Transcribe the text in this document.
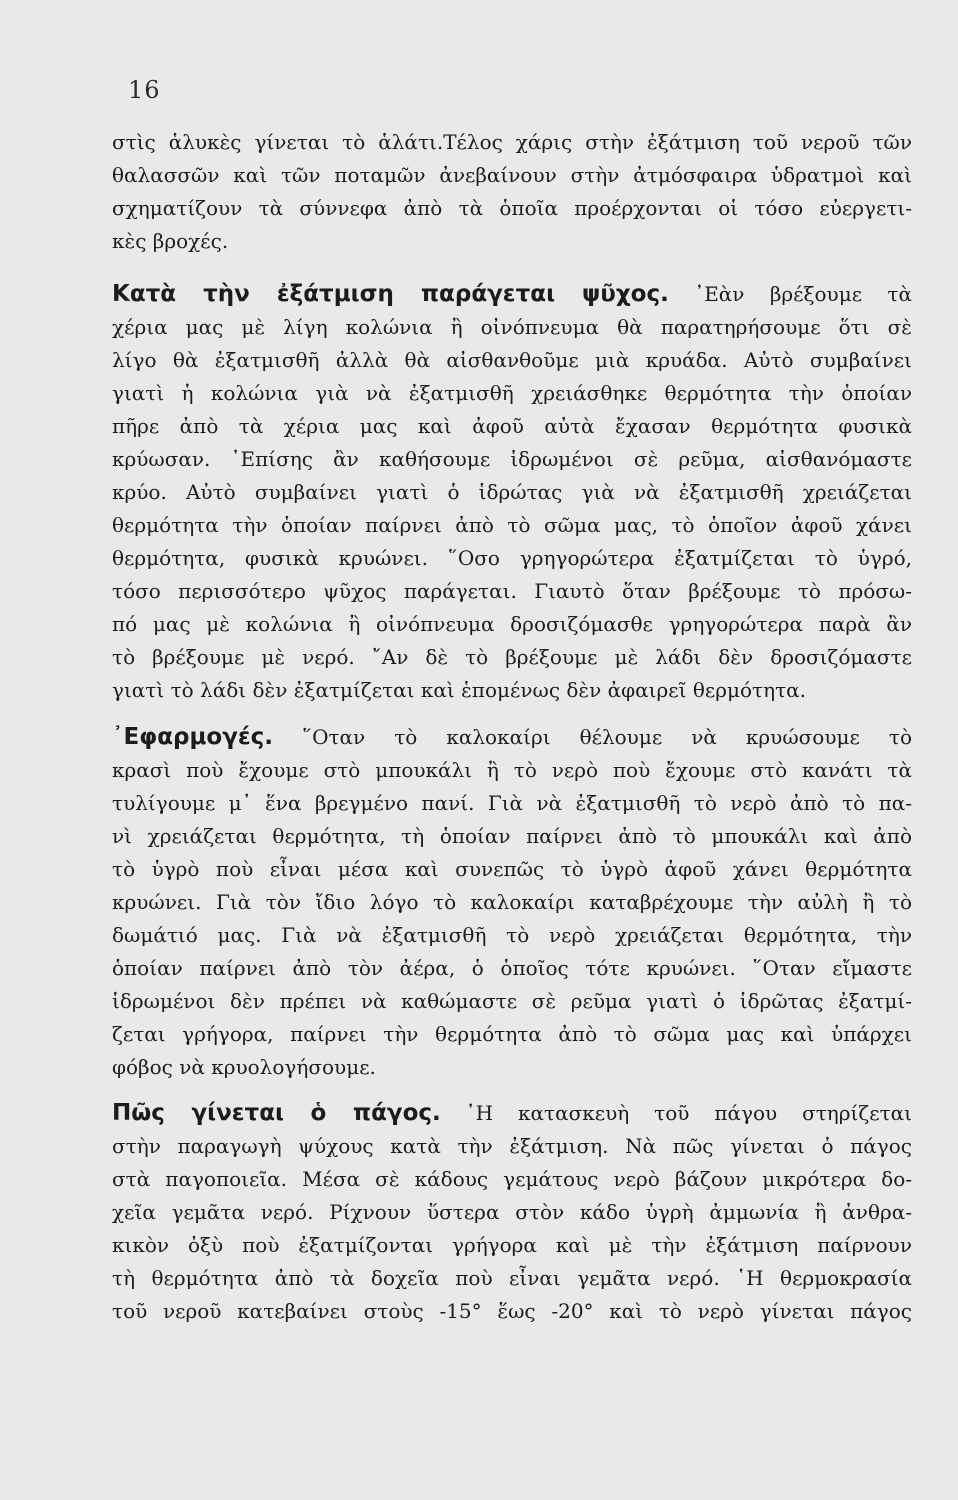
16
στὶς ἁλυκὲς γίνεται τὸ ἁλάτι.Τέλος χάρις στὴν ἐξάτμιση τοῦ νεροῦ τῶν
θαλασσῶν καὶ τῶν ποταμῶν ἀνεβαίνουν στὴν ἀτμόσφαιρα ὑδρατμοὶ καὶ
σχηματίζουν τὰ σύννεφα ἀπὸ τὰ ὁποῖα προέρχονται οἱ τόσο εὐεργετι-
κὲς βροχές.
Κατὰ τὴν ἐξάτμιση παράγεται ψῦχος. ᾿Εὰν βρέξουμε τὰ
χέρια μας μὲ λίγη κολώνια ἢ οἰνόπνευμα θὰ παρατηρήσουμε ὅτι σὲ
λίγο θὰ ἐξατμισθῆ ἀλλὰ θὰ αἰσθανθοῦμε μιὰ κρυάδα. Αὐτὸ συμβαίνει
γιατὶ ἡ κολώνια γιὰ νὰ ἐξατμισθῆ χρειάσθηκε θερμότητα τὴν ὁποίαν
πῆρε ἀπὸ τὰ χέρια μας καὶ ἀφοῦ αὐτὰ ἔχασαν θερμότητα φυσικὰ
κρύωσαν. ᾿Επίσης ἂν καθήσουμε ἱδρωμένοι σὲ ρεῦμα, αἰσθανόμαστε
κρύο. Αὐτὸ συμβαίνει γιατὶ ὁ ἱδρώτας γιὰ νὰ ἐξατμισθῆ χρειάζεται
θερμότητα τὴν ὁποίαν παίρνει ἀπὸ τὸ σῶμα μας, τὸ ὁποῖον ἀφοῦ χάνει
θερμότητα, φυσικὰ κρυώνει. ῞Οσο γρηγορώτερα ἐξατμίζεται τὸ ὑγρό,
τόσο περισσότερο ψῦχος παράγεται. Γιαυτὸ ὅταν βρέξουμε τὸ πρόσω-
πό μας μὲ κολώνια ἢ οἰνόπνευμα δροσιζόμασθε γρηγορώτερα παρὰ ἂν
τὸ βρέξουμε μὲ νερό. ῎Αν δὲ τὸ βρέξουμε μὲ λάδι δὲν δροσιζόμαστε
γιατὶ τὸ λάδι δὲν ἐξατμίζεται καὶ ἑπομένως δὲν ἀφαιρεῖ θερμότητα.
᾿Εφαρμογές. ῞Οταν τὸ καλοκαίρι θέλουμε νὰ κρυώσουμε τὸ
κρασὶ ποὺ ἔχουμε στὸ μπουκάλι ἢ τὸ νερὸ ποὺ ἔχουμε στὸ κανάτι τὰ
τυλίγουμε μ᾿ ἕνα βρεγμένο πανί. Γιὰ νὰ ἐξατμισθῆ τὸ νερὸ ἀπὸ τὸ πα-
νὶ χρειάζεται θερμότητα, τὴ ὁποίαν παίρνει ἀπὸ τὸ μπουκάλι καὶ ἀπὸ
τὸ ὑγρὸ ποὺ εἶναι μέσα καὶ συνεπῶς τὸ ὑγρὸ ἀφοῦ χάνει θερμότητα
κρυώνει. Γιὰ τὸν ἴδιο λόγο τὸ καλοκαίρι καταβρέχουμε τὴν αὐλὴ ἢ τὸ
δωμάτιό μας. Γιὰ νὰ ἐξατμισθῆ τὸ νερὸ χρειάζεται θερμότητα, τὴν
ὁποίαν παίρνει ἀπὸ τὸν ἀέρα, ὁ ὁποῖος τότε κρυώνει. ῞Οταν εἴμαστε
ἱδρωμένοι δὲν πρέπει νὰ καθώμαστε σὲ ρεῦμα γιατὶ ὁ ἱδρῶτας ἐξατμί-
ζεται γρήγορα, παίρνει τὴν θερμότητα ἀπὸ τὸ σῶμα μας καὶ ὑπάρχει
φόβος νὰ κρυολογήσουμε.
Πῶς γίνεται ὁ πάγος. ῾Η κατασκευὴ τοῦ πάγου στηρίζεται
στὴν παραγωγὴ ψύχους κατὰ τὴν ἐξάτμιση. Νὰ πῶς γίνεται ὁ πάγος
στὰ παγοποιεῖα. Μέσα σὲ κάδους γεμάτους νερὸ βάζουν μικρότερα δο-
χεῖα γεμᾶτα νερό. Ρίχνουν ὕστερα στὸν κάδο ὑγρὴ ἀμμωνία ἢ ἀνθρα-
κικὸν ὀξὺ ποὺ ἐξατμίζονται γρήγορα καὶ μὲ τὴν ἐξάτμιση παίρνουν
τὴ θερμότητα ἀπὸ τὰ δοχεῖα ποὺ εἶναι γεμᾶτα νερό. ῾Η θερμοκρασία
τοῦ νεροῦ κατεβαίνει στοὺς -15° ἕως -20° καὶ τὸ νερὸ γίνεται πάγος
